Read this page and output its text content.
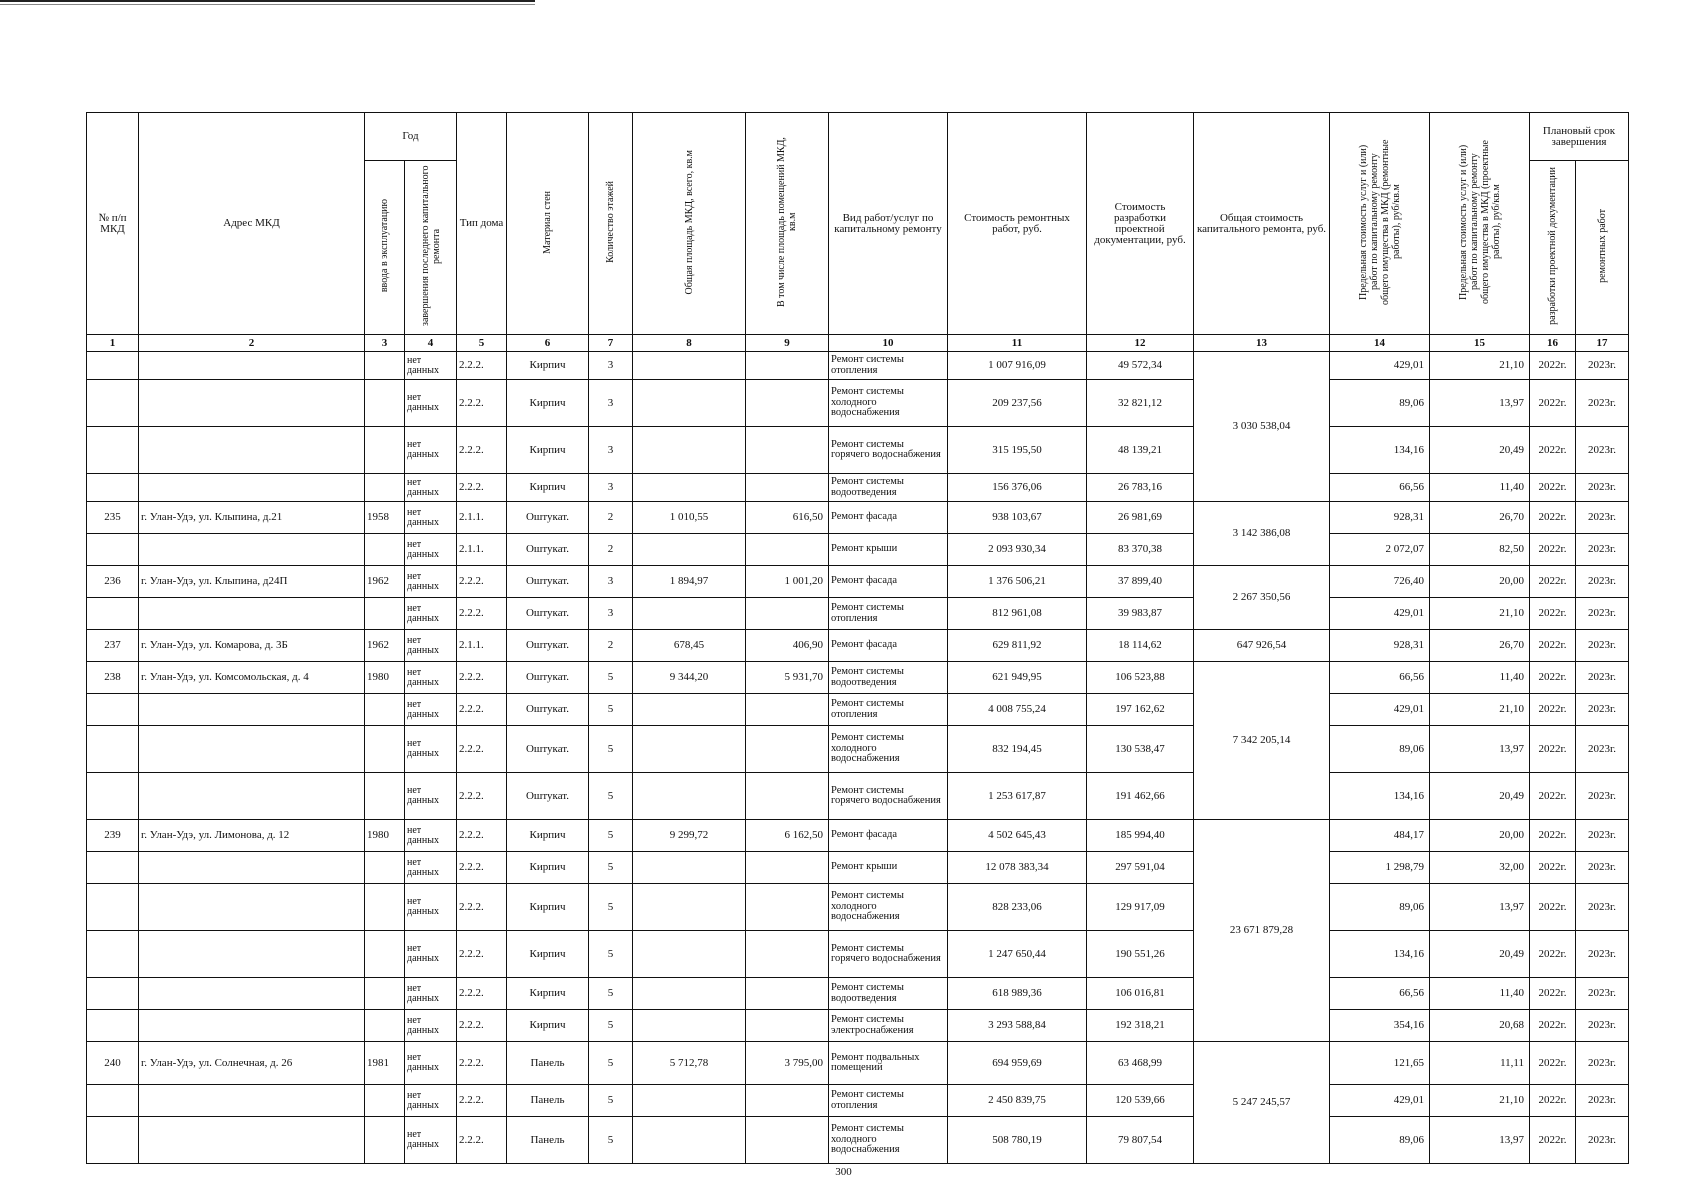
№ п/п МКД	Адрес МКД	Год		Тип дома	Материал стен	Количество этажей	Общая площадь МКД, всего, кв.м	В том числе площадь помещений МКД, кв.м	Вид работ/услуг по капитальному ремонту	Стоимость ремонтных работ, руб.	Стоимость разработки проектной документации, руб.	Общая стоимость капитального ремонта, руб.	Предельная стоимость услуг и (или) работ по капитальному ремонту общего имущества в МКД (ремонтные работы), руб/кв.м	Предельная стоимость услуг и (или) работ по капитальному ремонту общего имущества в МКД (проектные работы), руб/кв.м	Плановый срок завершения	
		ввода в эксплуатацию	завершения последнего капитального ремонта												разработки проектной документации	ремонтных работ
1	2	3	4	5	6	7	8	9	10	11	12	13	14	15	16	17
			нет данных	2.2.2.	Кирпич	3			Ремонт системы отопления	1 007 916,09	49 572,34	3 030 538,04	429,01	21,10	2022г.	2023г.
			нет данных	2.2.2.	Кирпич	3			Ремонт системы холодного водоснабжения	209 237,56	32 821,12		89,06	13,97	2022г.	2023г.
			нет данных	2.2.2.	Кирпич	3			Ремонт системы горячего водоснабжения	315 195,50	48 139,21		134,16	20,49	2022г.	2023г.
			нет данных	2.2.2.	Кирпич	3			Ремонт системы водоотведения	156 376,06	26 783,16		66,56	11,40	2022г.	2023г.
235	г. Улан-Удэ, ул. Клыпина, д.21	1958	нет данных	2.1.1.	Оштукат.	2	1 010,55	616,50	Ремонт фасада	938 103,67	26 981,69	3 142 386,08	928,31	26,70	2022г.	2023г.
			нет данных	2.1.1.	Оштукат.	2			Ремонт крыши	2 093 930,34	83 370,38		2 072,07	82,50	2022г.	2023г.
236	г. Улан-Удэ, ул. Клыпина, д24П	1962	нет данных	2.2.2.	Оштукат.	3	1 894,97	1 001,20	Ремонт фасада	1 376 506,21	37 899,40	2 267 350,56	726,40	20,00	2022г.	2023г.
			нет данных	2.2.2.	Оштукат.	3			Ремонт системы отопления	812 961,08	39 983,87		429,01	21,10	2022г.	2023г.
237	г. Улан-Удэ, ул. Комарова, д. 3Б	1962	нет данных	2.1.1.	Оштукат.	2	678,45	406,90	Ремонт фасада	629 811,92	18 114,62	647 926,54	928,31	26,70	2022г.	2023г.
238	г. Улан-Удэ, ул. Комсомольская, д. 4	1980	нет данных	2.2.2.	Оштукат.	5	9 344,20	5 931,70	Ремонт системы водоотведения	621 949,95	106 523,88	7 342 205,14	66,56	11,40	2022г.	2023г.
			нет данных	2.2.2.	Оштукат.	5			Ремонт системы отопления	4 008 755,24	197 162,62		429,01	21,10	2022г.	2023г.
			нет данных	2.2.2.	Оштукат.	5			Ремонт системы холодного водоснабжения	832 194,45	130 538,47		89,06	13,97	2022г.	2023г.
			нет данных	2.2.2.	Оштукат.	5			Ремонт системы горячего водоснабжения	1 253 617,87	191 462,66		134,16	20,49	2022г.	2023г.
239	г. Улан-Удэ, ул. Лимонова, д. 12	1980	нет данных	2.2.2.	Кирпич	5	9 299,72	6 162,50	Ремонт фасада	4 502 645,43	185 994,40	23 671 879,28	484,17	20,00	2022г.	2023г.
			нет данных	2.2.2.	Кирпич	5			Ремонт крыши	12 078 383,34	297 591,04		1 298,79	32,00	2022г.	2023г.
			нет данных	2.2.2.	Кирпич	5			Ремонт системы холодного водоснабжения	828 233,06	129 917,09		89,06	13,97	2022г.	2023г.
			нет данных	2.2.2.	Кирпич	5			Ремонт системы горячего водоснабжения	1 247 650,44	190 551,26		134,16	20,49	2022г.	2023г.
			нет данных	2.2.2.	Кирпич	5			Ремонт системы водоотведения	618 989,36	106 016,81		66,56	11,40	2022г.	2023г.
			нет данных	2.2.2.	Кирпич	5			Ремонт системы электроснабжения	3 293 588,84	192 318,21		354,16	20,68	2022г.	2023г.
240	г. Улан-Удэ, ул. Солнечная, д. 26	1981	нет данных	2.2.2.	Панель	5	5 712,78	3 795,00	Ремонт подвальных помещений	694 959,69	63 468,99	5 247 245,57	121,65	11,11	2022г.	2023г.
			нет данных	2.2.2.	Панель	5			Ремонт системы отопления	2 450 839,75	120 539,66		429,01	21,10	2022г.	2023г.
			нет данных	2.2.2.	Панель	5			Ремонт системы холодного водоснабжения	508 780,19	79 807,54		89,06	13,97	2022г.	2023г.
300
